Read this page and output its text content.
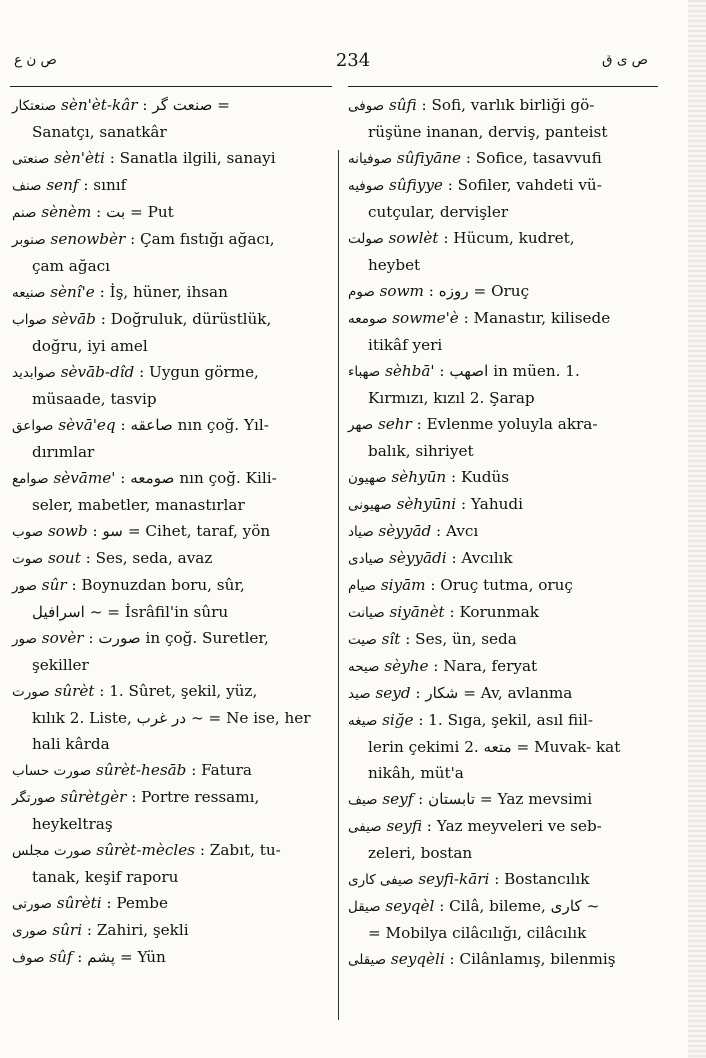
ص ن ع	234	ص ی ق
صنعتکار sèn'èt-kâr : صنعت گر =
Sanatçı, sanatkâr
صنعتی sèn'èti : Sanatla ilgili, sanayi
صنف senf : sınıf
صنم sènèm : بت = Put
صنوبر senowbèr : Çam fıstığı ağacı,
çam ağacı
صنیعه sènî'e : İş, hüner, ihsan
صواب sèvāb : Doğruluk, dürüstlük,
doğru, iyi amel
صوابدید sèvāb-dîd : Uygun görme,
müsaade, tasvip
صواعق sèvā'eq : صاعقه nın çoğ. Yıl-
dırımlar
صوامع sèvāme' : صومعه nın çoğ. Kili-
seler, mabetler, manastırlar
صوب sowb : سو = Cihet, taraf, yön
صوت sout : Ses, seda, avaz
صور sûr : Boynuzdan boru, sûr,
اسرافیل ~ = İsrâfil'in sûru
صور sovèr : صورت in çoğ. Suretler,
şekiller
صورت sûrèt : 1. Sûret, şekil, yüz,
kılık 2. Liste, در غرب ~ = Ne ise, her hali kârda
صورت حساب sûrèt-hesāb : Fatura
صورتگر sûrètgèr : Portre ressamı,
heykeltraş
صورت مجلس sûrèt-mècles : Zabıt, tu-
tanak, keşif raporu
صورتی sûrèti : Pembe
صوری sûri : Zahiri, şekli
صوف sûf : پشم = Yün
صوفی sûfi : Sofi, varlık birliği gö-
rüşüne inanan, derviş, panteist
صوفیانه sûfiyāne : Sofice, tasavvufi
صوفیه sûfiyye : Sofiler, vahdeti vü-
cutçular, dervişler
صولت sowlèt : Hücum, kudret,
heybet
صوم sowm : روزه = Oruç
صومعه sowme'è : Manastır, kilisede
itikâf yeri
صهباء sèhbā' : اصهب in müen. 1.
Kırmızı, kızıl 2. Şarap
صهر sehr : Evlenme yoluyla akra-
balık, sihriyet
صهیون sèhyūn : Kudüs
صهیونی sèhyūni : Yahudi
صیاد sèyyād : Avcı
صیادی sèyyādi : Avcılık
صیام siyām : Oruç tutma, oruç
صیانت siyānèt : Korunmak
صیت sît : Ses, ün, seda
صیحه sèyhe : Nara, feryat
صید seyd : شکار = Av, avlanma
صیغه siğe : 1. Sıga, şekil, asıl fiil-
lerin çekimi 2. متعه = Muvak- kat nikâh, müt'a
صیف seyf : تابستان = Yaz mevsimi
صیفی seyfi : Yaz meyveleri ve seb-
zeleri, bostan
صیفی کاری seyfi-kāri : Bostancılık
صیقل seyqèl : Cilâ, bileme, کاری ~
= Mobilya cilâcılığı, cilâcılık
صیقلی seyqèli : Cilânlamış, bilenmiş
